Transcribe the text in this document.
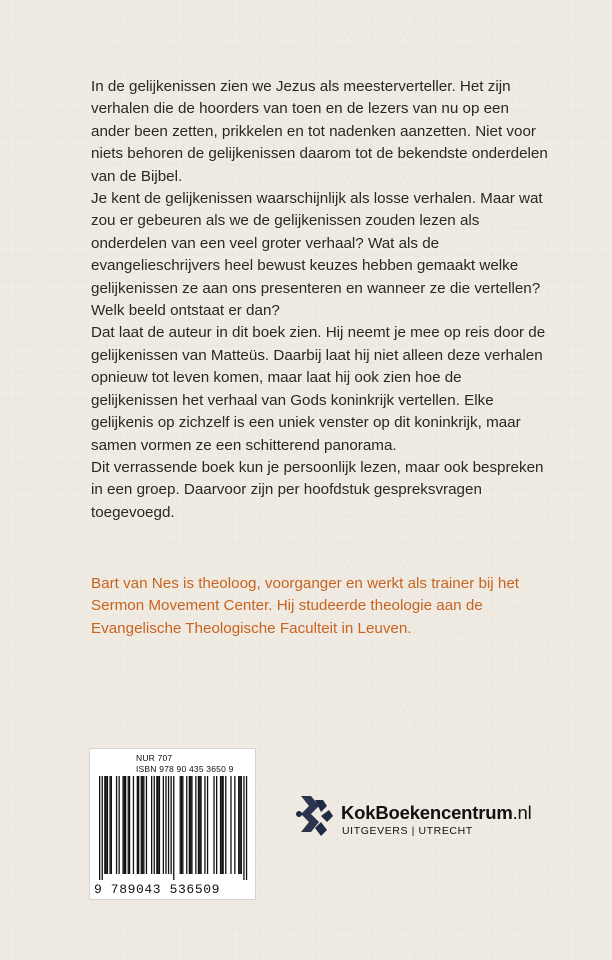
In de gelijkenissen zien we Jezus als meesterverteller. Het zijn verhalen die de hoorders van toen en de lezers van nu op een ander been zetten, prikkelen en tot nadenken aanzetten. Niet voor niets behoren de gelijkenissen daarom tot de bekendste onderdelen van de Bijbel.

Je kent de gelijkenissen waarschijnlijk als losse verhalen. Maar wat zou er gebeuren als we de gelijkenissen zouden lezen als onderdelen van een veel groter verhaal? Wat als de evangelieschrijvers heel bewust keuzes hebben gemaakt welke gelijkenissen ze aan ons presenteren en wanneer ze die vertellen? Welk beeld ontstaat er dan?

Dat laat de auteur in dit boek zien. Hij neemt je mee op reis door de gelijkenissen van Matteüs. Daarbij laat hij niet alleen deze verhalen opnieuw tot leven komen, maar laat hij ook zien hoe de gelijkenissen het verhaal van Gods koninkrijk vertellen. Elke gelijkenis op zichzelf is een uniek venster op dit koninkrijk, maar samen vormen ze een schitterend panorama.

Dit verrassende boek kun je persoonlijk lezen, maar ook bespreken in een groep. Daarvoor zijn per hoofdstuk gespreksvragen toegevoegd.

Bart van Nes is theoloog, voorganger en werkt als trainer bij het Sermon Movement Center. Hij studeerde theologie aan de Evangelische Theologische Faculteit in Leuven.

NUR 707
ISBN 978 90 435 3650 9
9 789043 536509
KokBoekencentrum.nl
UITGEVERS | UTRECHT
